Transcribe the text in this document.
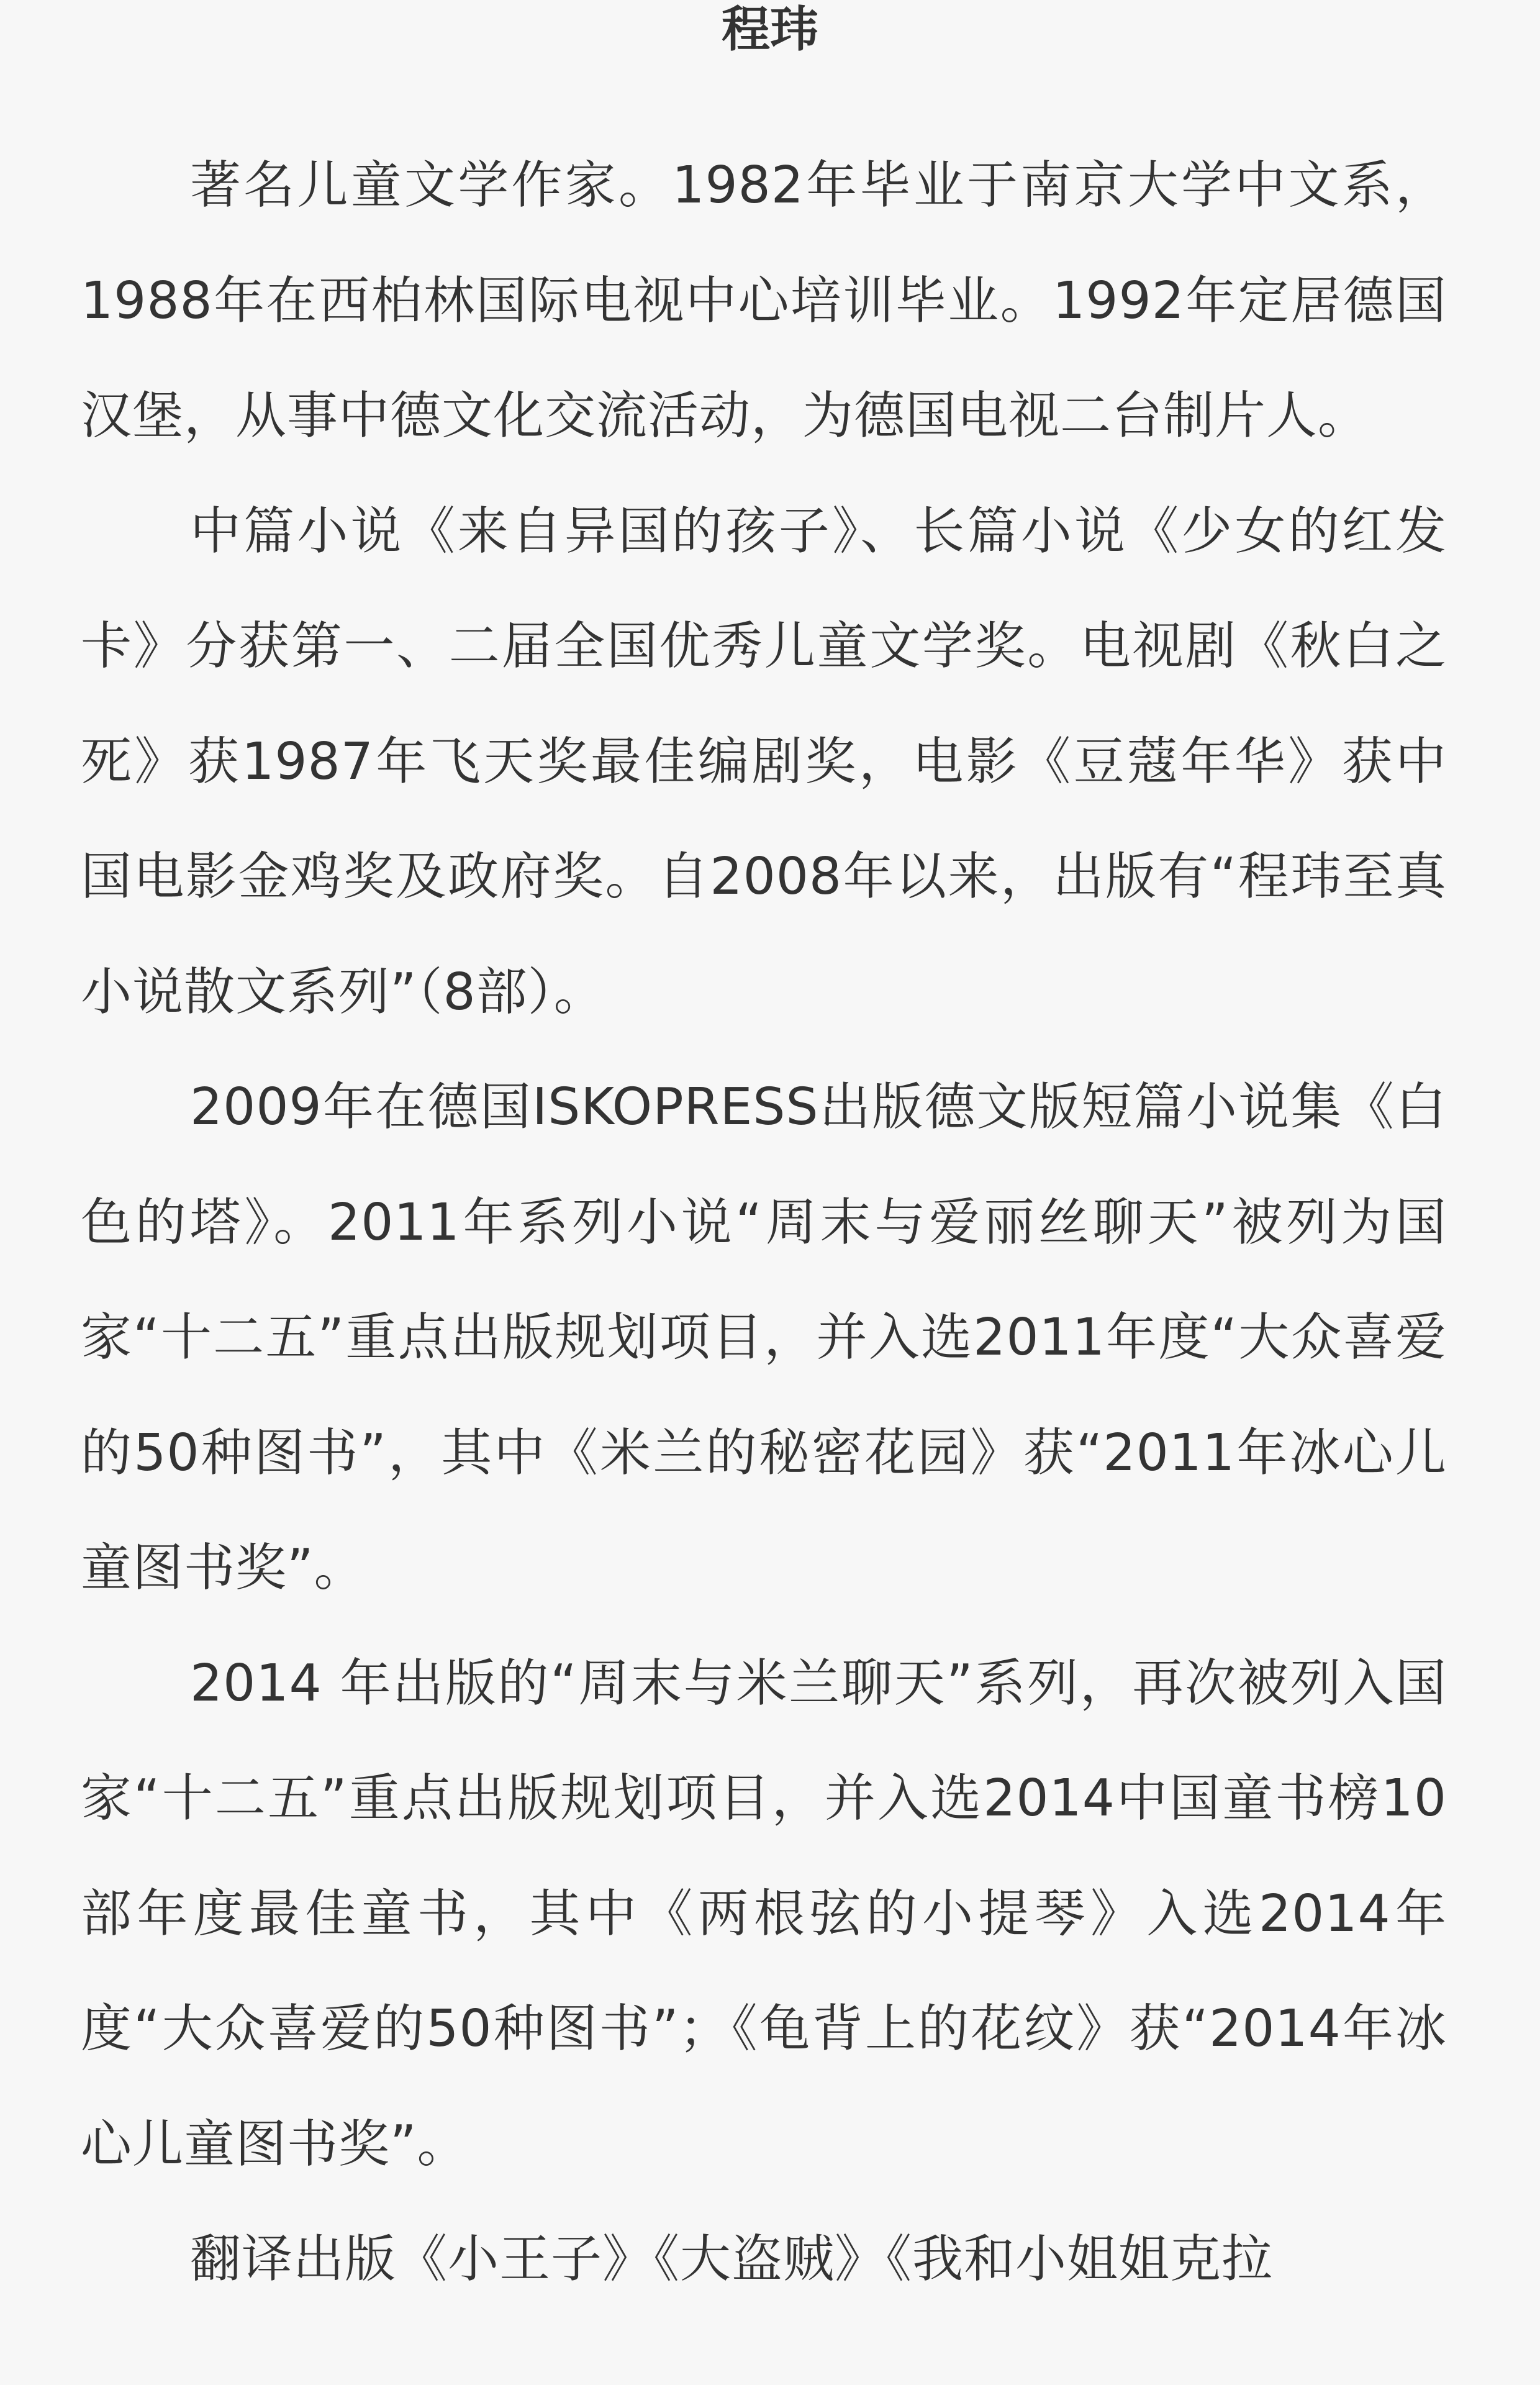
程玮

著名儿童文学作家。1982年毕业于南京大学中文系，1988年在西柏林国际电视中心培训毕业。1992年定居德国汉堡，从事中德文化交流活动，为德国电视二台制片人。

中篇小说《来自异国的孩子》、长篇小说《少女的红发卡》分获第一、二届全国优秀儿童文学奖。电视剧《秋白之死》获1987年飞天奖最佳编剧奖，电影《豆蔻年华》获中国电影金鸡奖及政府奖。自2008年以来，出版有“程玮至真小说散文系列”（8部）。

2009年在德国ISKOPRESS出版德文版短篇小说集《白色的塔》。2011年系列小说“周末与爱丽丝聊天”被列为国家“十二五”重点出版规划项目，并入选2011年度“大众喜爱的50种图书”，其中《米兰的秘密花园》获“2011年冰心儿童图书奖”。

2014 年出版的“周末与米兰聊天”系列，再次被列入国家“十二五”重点出版规划项目，并入选2014中国童书榜10部年度最佳童书，其中《两根弦的小提琴》入选2014年度“大众喜爱的50种图书”；《龟背上的花纹》获“2014年冰心儿童图书奖”。

翻译出版《小王子》《大盗贼》《我和小姐姐克拉
